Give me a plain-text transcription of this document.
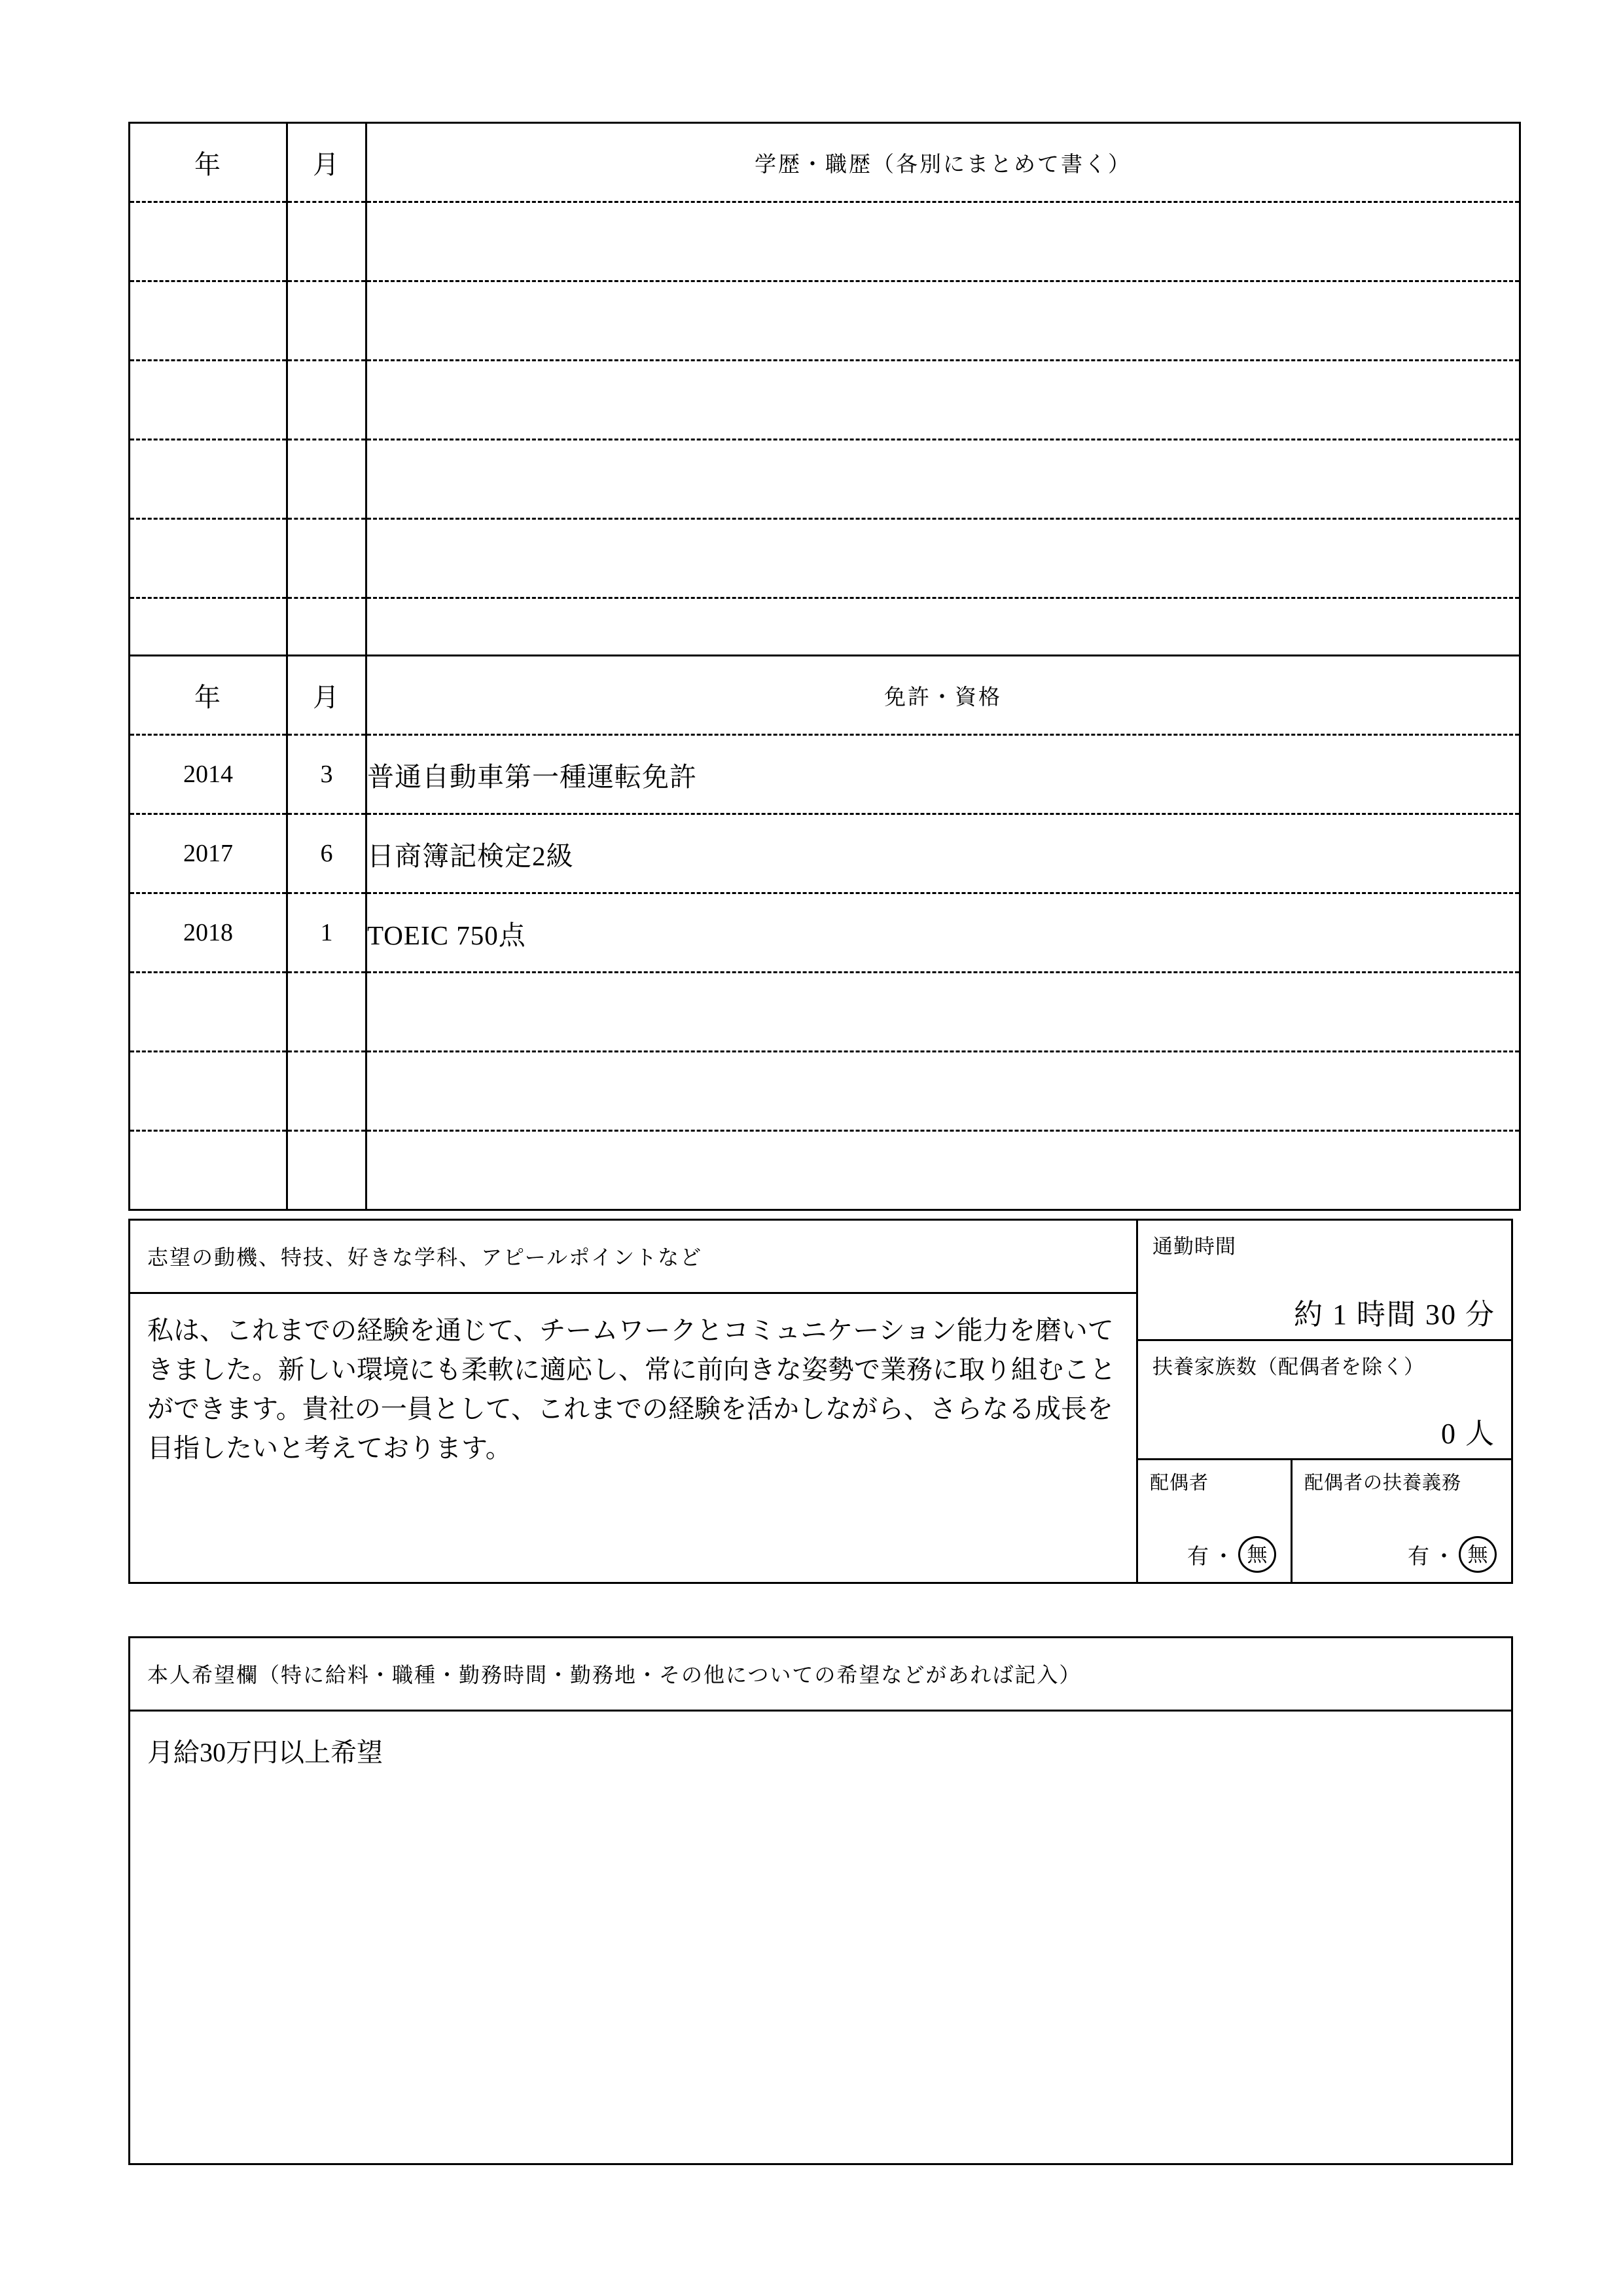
年	月	学歴・職歴（各別にまとめて書く）

年	月	免許・資格
2014	3	普通自動車第一種運転免許
2017	6	日商簿記検定2級
2018	1	TOEIC 750点

志望の動機、特技、好きな学科、アピールポイントなど
私は、これまでの経験を通じて、チームワークとコミュニケーション能力を磨いてきました。新しい環境にも柔軟に適応し、常に前向きな姿勢で業務に取り組むことができます。貴社の一員として、これまでの経験を活かしながら、さらなる成長を目指したいと考えております。
通勤時間
約 1 時間 30 分
扶養家族数（配偶者を除く）
0 人
配偶者
有 ・ 無
配偶者の扶養義務
有 ・ 無
本人希望欄（特に給料・職種・勤務時間・勤務地・その他についての希望などがあれば記入）
月給30万円以上希望
